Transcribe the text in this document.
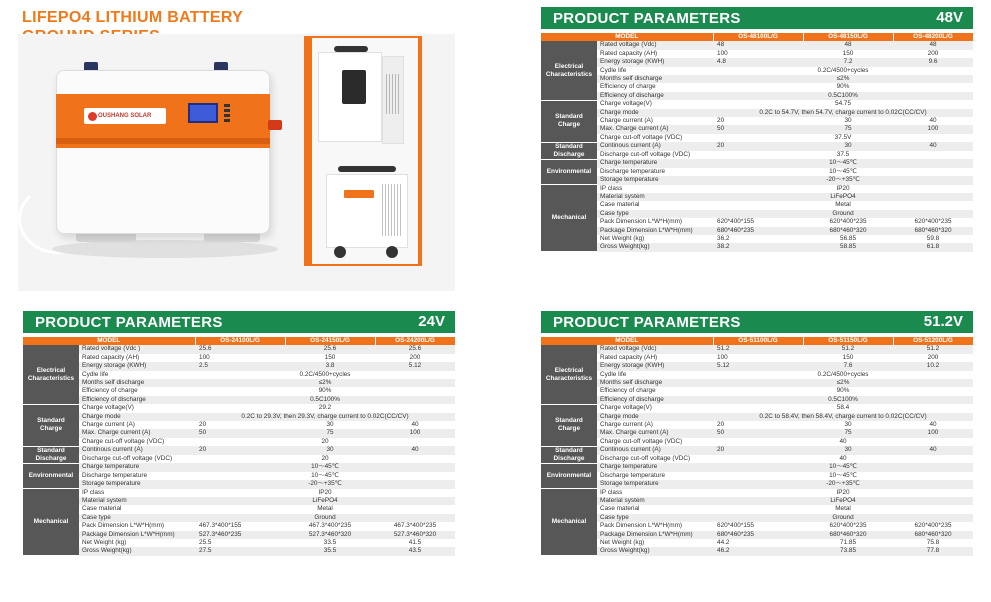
LIFEPO4 LITHIUM BATTERY
OUSHANG SOLAR
PRODUCT PARAMETERS	48V
MODEL		OS-48100L/G	OS-48150L/G	OS-48200L/G
Electrical Characteristics	Rated voltage (Vdc)	48	48	48
	Rated capacity (AH)	100	150	200
	Energy storage (KWH)	4.8	7.2	9.6
	Cydle life	0.2C/4500+cycles		
	Months self discharge	≤2%		
	Efficiency of charge	90%		
	Efficiency of discharge	0.5C100%		
Standard Charge	Charge voltage(V)	54.75		
	Charge mode	0.2C to 54.7V, then 54.7V, charge current to 0.02C(CC/CV)		
	Charge current (A)	20	30	40
	Max. Charge current (A)	50	75	100
	Charge cut-off voltage (VDC)	37.5V		
Standard Discharge	Continous current (A)	20	30	40
	Discharge cut-off voltage (VDC)	37.5		
Environmental	Charge temperature	10～45℃		
	Discharge temperature	10～45℃		
	Storage temperature	-20～+35℃		
Mechanical	IP class	IP20		
	Material system	LiFePO4		
	Case material	Metal		
	Case type	Ground		
	Pack Dimension L*W*H(mm)	620*400*155	620*400*235	620*400*235
	Package Dimension L*W*H(mm)	680*460*235	680*460*320	680*460*320
	Net Weight (kg)	36.2	56.85	59.8
	Gross Weight(kg)	38.2	58.85	61.8
PRODUCT PARAMETERS	24V
MODEL		OS-24100L/G	OS-24150L/G	OS-24200L/G
Electrical Characteristics	Rated voltage (Vdc )	25.6	25.6	25.6
	Rated capacity (AH)	100	150	200
	Energy storage (KWH)	2.5	3.8	5.12
	Cydle life	0.2C/4500+cycles		
	Months self discharge	≤2%		
	Efficiency of charge	90%		
	Efficiency of discharge	0.5C100%		
Standard Charge	Charge voltage(V)	29.2		
	Charge mode	0.2C to 29.3V, then 29.3V, charge current to 0.02C(CC/CV)		
	Charge current (A)	20	30	40
	Max. Charge current (A)	50	75	100
	Charge cut-off voltage (VDC)	20		
Standard Discharge	Continous current (A)	20	30	40
	Discharge cut-off voltage (VDC)	20		
Environmental	Charge temperature	10～45℃		
	Discharge temperature	10～45℃		
	Storage temperature	-20～+35℃		
Mechanical	IP class	IP20		
	Material system	LiFePO4		
	Case material	Metal		
	Case type	Ground		
	Pack Dimension L*W*H(mm)	467.3*400*155	467.3*400*235	467.3*400*235
	Package Dimension L*W*H(mm)	527.3*460*235	527.3*460*320	527.3*460*320
	Net Weight (kg)	25.5	33.5	41.5
	Gross Weight(kg)	27.5	35.5	43.5
PRODUCT PARAMETERS	51.2V
MODEL		OS-51100L/G	OS-51150L/G	OS-51200L/G
Electrical Characteristics	Rated voltage (Vdc)	51.2	51.2	51.2
	Rated capacity (AH)	100	150	200
	Energy storage (KWH)	5.12	7.6	10.2
	Cydle life	0.2C/4500+cycles		
	Months self discharge	≤2%		
	Efficiency of charge	90%		
	Efficiency of discharge	0.5C100%		
Standard Charge	Charge voltage(V)	58.4		
	Charge mode	0.2C to 58.4V, then 58.4V, charge current to 0.02C(CC/CV)		
	Charge current (A)	20	30	40
	Max. Charge current (A)	50	75	100
	Charge cut-off voltage (VDC)	40		
Standard Discharge	Continous current (A)	20	30	40
	Discharge cut-off voltage (VDC)	40		
Environmental	Charge temperature	10～45℃		
	Discharge temperature	10～45℃		
	Storage temperature	-20～+35℃		
Mechanical	IP class	IP20		
	Material system	LiFePO4		
	Case material	Metal		
	Case type	Ground		
	Pack Dimension L*W*H(mm)	620*400*155	620*400*235	620*400*235
	Package Dimension L*W*H(mm)	680*460*235	680*460*320	680*460*320
	Net Weight (kg)	44.2	71.85	75.8
	Gross Weight(kg)	46.2	73.85	77.8
